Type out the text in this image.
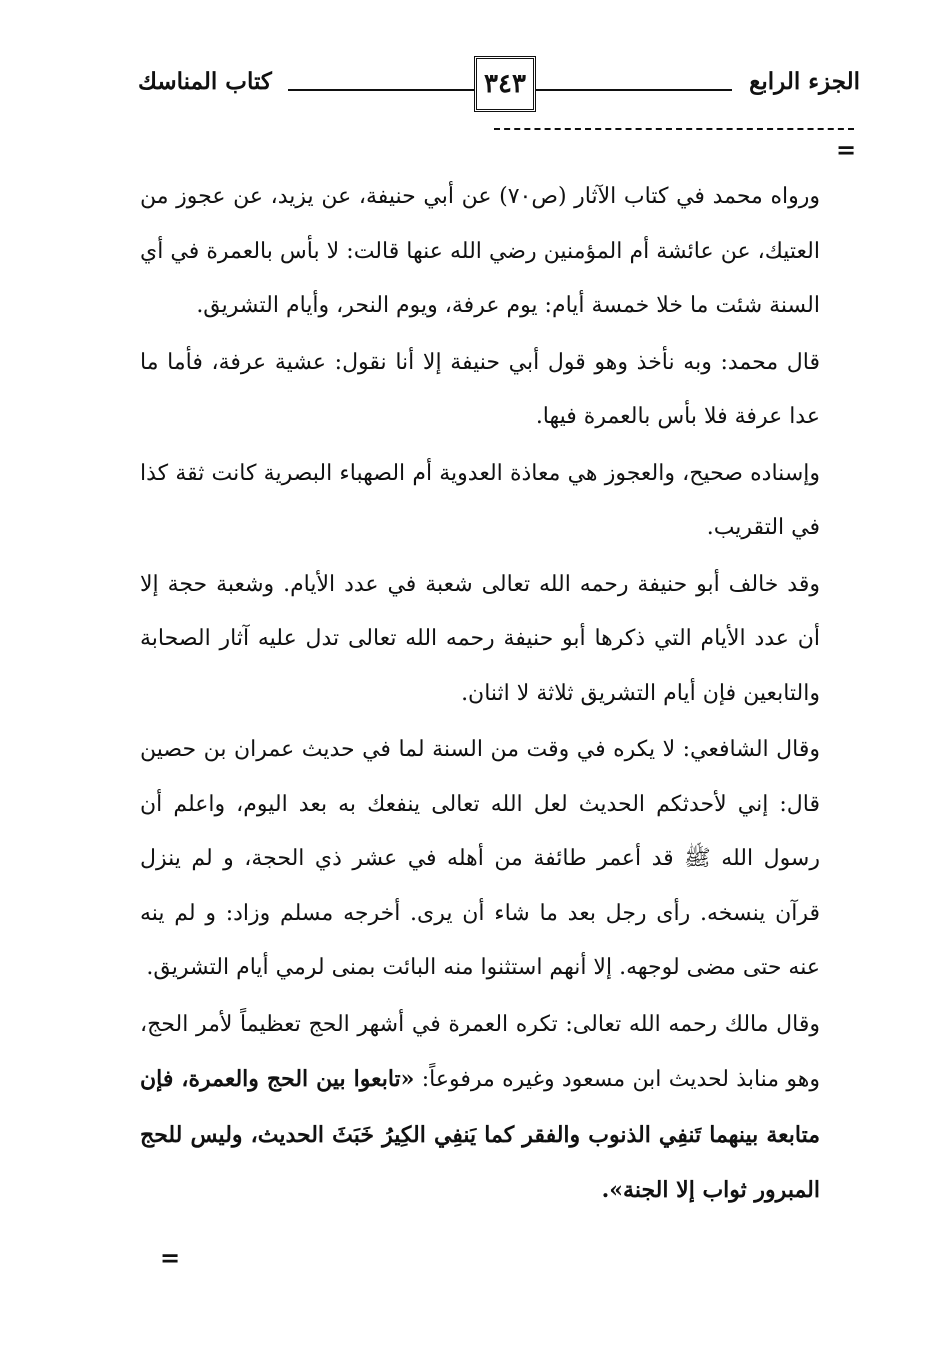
كتاب المناسك	٣٤٣	الجزء الرابع
=

ورواه محمد في كتاب الآثار (ص٧٠) عن أبي حنيفة، عن يزيد، عن عجوز من العتيك، عن عائشة أم المؤمنين رضي الله عنها قالت: لا بأس بالعمرة في أي السنة شئت ما خلا خمسة أيام: يوم عرفة، ويوم النحر، وأيام التشريق.

قال محمد: وبه نأخذ وهو قول أبي حنيفة إلا أنا نقول: عشية عرفة، فأما ما عدا عرفة فلا بأس بالعمرة فيها.

وإسناده صحيح، والعجوز هي معاذة العدوية أم الصهباء البصرية كانت ثقة كذا في التقريب.

وقد خالف أبو حنيفة رحمه الله تعالى شعبة في عدد الأيام. وشعبة حجة إلا أن عدد الأيام التي ذكرها أبو حنيفة رحمه الله تعالى تدل عليه آثار الصحابة والتابعين فإن أيام التشريق ثلاثة لا اثنان.

وقال الشافعي: لا يكره في وقت من السنة لما في حديث عمران بن حصين قال: إني لأحدثكم الحديث لعل الله تعالى ينفعك به بعد اليوم، واعلم أن رسول الله ﷺ قد أعمر طائفة من أهله في عشر ذي الحجة، و لم ينزل قرآن ينسخه. رأى رجل بعد ما شاء أن يرى. أخرجه مسلم وزاد: و لم ينه عنه حتى مضى لوجهه. إلا أنهم استثنوا منه البائت بمنى لرمي أيام التشريق.

وقال مالك رحمه الله تعالى: تكره العمرة في أشهر الحج تعظيماً لأمر الحج، وهو منابذ لحديث ابن مسعود وغيره مرفوعاً: «تابعوا بين الحج والعمرة، فإن متابعة بينهما تَنفِي الذنوب والفقر كما يَنفِي الكِيرُ خَبَثَ الحديث، وليس للحج المبرور ثواب إلا الجنة».

=
